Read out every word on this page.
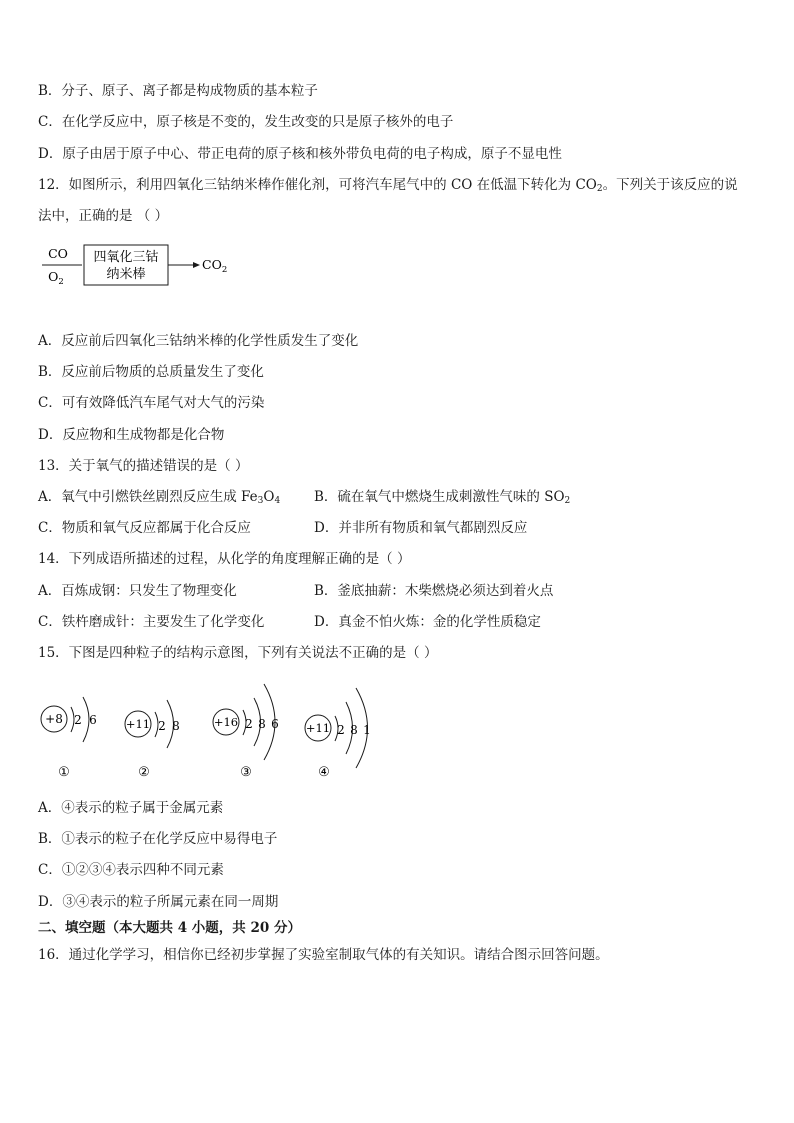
B．分子、原子、离子都是构成物质的基本粒子
C．在化学反应中，原子核是不变的，发生改变的只是原子核外的电子
D．原子由居于原子中心、带正电荷的原子核和核外带负电荷的电子构成，原子不显电性
12．如图所示，利用四氧化三钴纳米棒作催化剂，可将汽车尾气中的 CO 在低温下转化为 $CO_2$。下列关于该反应的说
法中，正确的是 （ ）
CO
$O_2$
四氧化三钴
纳米棒
$CO_2$
A．反应前后四氧化三钴纳米棒的化学性质发生了变化
B．反应前后物质的总质量发生了变化
C．可有效降低汽车尾气对大气的污染
D．反应物和生成物都是化合物
13．关于氧气的描述错误的是（ ）
A．氧气中引燃铁丝剧烈反应生成 $Fe_3O_4$	B．硫在氧气中燃烧生成刺激性气味的 $SO_2$
C．物质和氧气反应都属于化合反应	D．并非所有物质和氧气都剧烈反应
14．下列成语所描述的过程，从化学的角度理解正确的是（ ）
A．百炼成钢：只发生了物理变化	B．釜底抽薪：木柴燃烧必须达到着火点
C．铁杵磨成针：主要发生了化学变化	D．真金不怕火炼：金的化学性质稳定
15．下图是四种粒子的结构示意图，下列有关说法不正确的是（ ）
+8 2 6
①
+11 2 8
②
+16 2 8 6
③
+11 2 8 1
④
A．④表示的粒子属于金属元素
B．①表示的粒子在化学反应中易得电子
C．①②③④表示四种不同元素
D．③④表示的粒子所属元素在同一周期
二、填空题（本大题共 4 小题，共 20 分）
16．通过化学学习，相信你已经初步掌握了实验室制取气体的有关知识。请结合图示回答问题。
